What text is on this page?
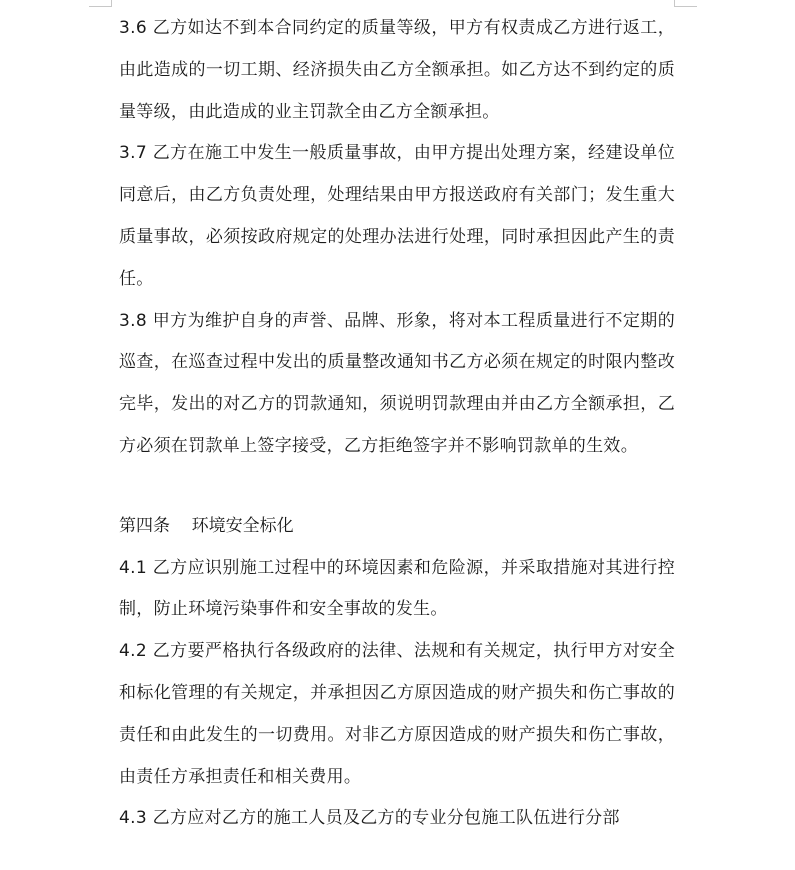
3.6 乙方如达不到本合同约定的质量等级，甲方有权责成乙方进行返工，由此造成的一切工期、经济损失由乙方全额承担。如乙方达不到约定的质量等级，由此造成的业主罚款全由乙方全额承担。

3.7 乙方在施工中发生一般质量事故，由甲方提出处理方案，经建设单位同意后，由乙方负责处理，处理结果由甲方报送政府有关部门；发生重大质量事故，必须按政府规定的处理办法进行处理，同时承担因此产生的责任。

3.8 甲方为维护自身的声誉、品牌、形象，将对本工程质量进行不定期的巡查，在巡查过程中发出的质量整改通知书乙方必须在规定的时限内整改完毕，发出的对乙方的罚款通知，须说明罚款理由并由乙方全额承担，乙方必须在罚款单上签字接受，乙方拒绝签字并不影响罚款单的生效。

第四条    环境安全标化

4.1 乙方应识别施工过程中的环境因素和危险源，并采取措施对其进行控制，防止环境污染事件和安全事故的发生。

4.2 乙方要严格执行各级政府的法律、法规和有关规定，执行甲方对安全和标化管理的有关规定，并承担因乙方原因造成的财产损失和伤亡事故的责任和由此发生的一切费用。对非乙方原因造成的财产损失和伤亡事故，由责任方承担责任和相关费用。

4.3 乙方应对乙方的施工人员及乙方的专业分包施工队伍进行分部
